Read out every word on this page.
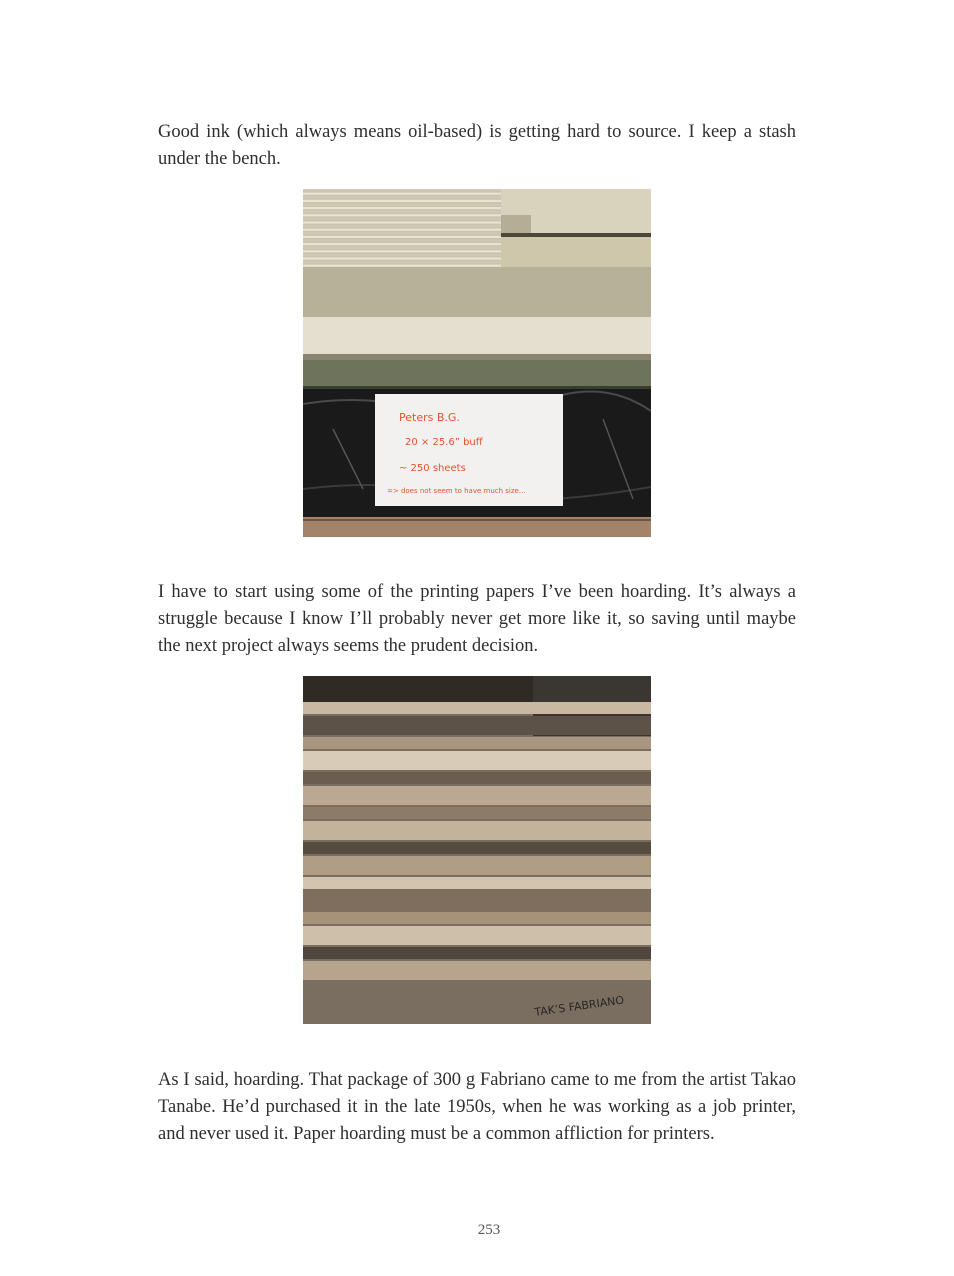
Good ink (which always means oil-based) is getting hard to source. I keep a stash under the bench.

Peters B.G.
20 × 25.6” buff
~ 250 sheets
=> does not seem to have much size…

I have to start using some of the printing papers I’ve been hoarding. It’s always a struggle because I know I’ll probably never get more like it, so saving until maybe the next project always seems the prudent decision.

TAK’S FABRIANO

As I said, hoarding. That package of 300 g Fabriano came to me from the artist Takao Tanabe. He’d purchased it in the late 1950s, when he was working as a job printer, and never used it. Paper hoarding must be a common affliction for printers.

253
